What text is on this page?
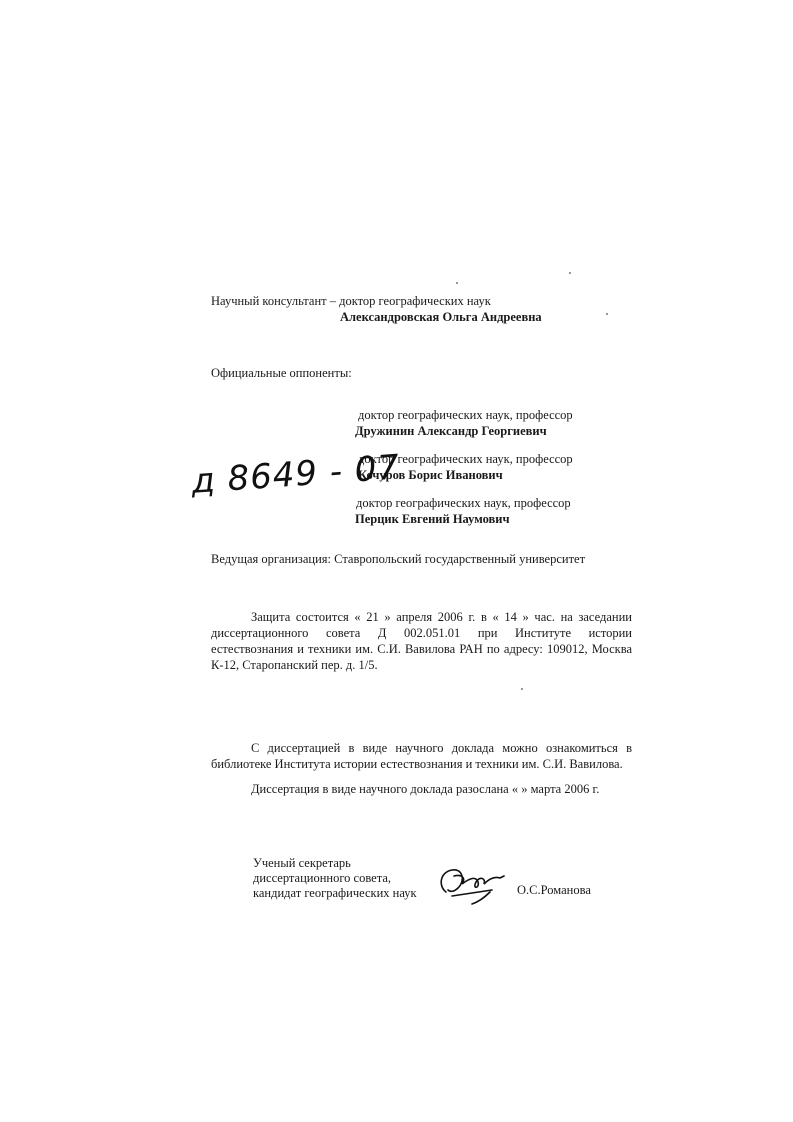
Научный консультант – доктор географических наук
Александровская Ольга Андреевна
Официальные оппоненты:
доктор географических наук, профессор
Дружинин Александр Георгиевич
доктор географических наук, профессор
Кочуров Борис Иванович
доктор географических наук, профессор
Перцик Евгений Наумович
д 8649 - 07
Ведущая организация: Ставропольский государственный университет
Защита состоится « 21 » апреля 2006 г. в « 14 » час. на заседании
диссертационного совета Д 002.051.01 при Институте истории
естествознания и техники им. С.И. Вавилова РАН по адресу: 109012, Москва
К-12, Старопанский пер. д. 1/5.
С диссертацией в виде научного доклада можно ознакомиться в
библиотеке Института истории естествознания и техники им. С.И. Вавилова.
Диссертация в виде научного доклада разослана « » марта 2006 г.
Ученый секретарь
диссертационного совета,
кандидат географических наук	О.С.Романова
